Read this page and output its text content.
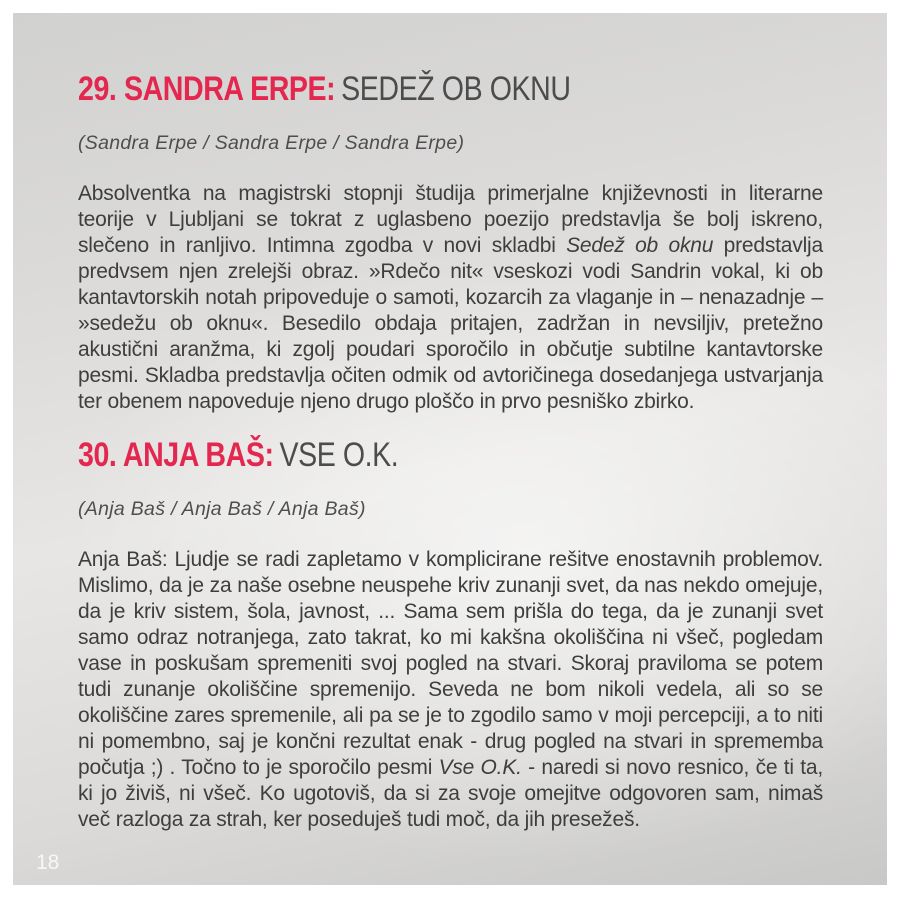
29. SANDRA ERPE: SEDEŽ OB OKNU

(Sandra Erpe / Sandra Erpe / Sandra Erpe)

Absolventka na magistrski stopnji študija primerjalne književnosti in literarne teorije v Ljubljani se tokrat z uglasbeno poezijo predstavlja še bolj iskreno, slečeno in ranljivo. Intimna zgodba v novi skladbi Sedež ob oknu predstavlja predvsem njen zrelejši obraz. »Rdečo nit« vseskozi vodi Sandrin vokal, ki ob kantavtorskih notah pripoveduje o samoti, kozarcih za vlaganje in – nenazadnje – »sedežu ob oknu«. Besedilo obdaja pritajen, zadržan in nevsiljiv, pretežno akustični aranžma, ki zgolj poudari sporočilo in občutje subtilne kantavtorske pesmi. Skladba predstavlja očiten odmik od avtoričinega dosedanjega ustvarjanja ter obenem napoveduje njeno drugo ploščo in prvo pesniško zbirko.

30. ANJA BAŠ: VSE O.K.

(Anja Baš / Anja Baš / Anja Baš)

Anja Baš: Ljudje se radi zapletamo v komplicirane rešitve enostavnih problemov. Mislimo, da je za naše osebne neuspehe kriv zunanji svet, da nas nekdo omejuje, da je kriv sistem, šola, javnost, ... Sama sem prišla do tega, da je zunanji svet samo odraz notranjega, zato takrat, ko mi kakšna okoliščina ni všeč, pogledam vase in poskušam spremeniti svoj pogled na stvari. Skoraj praviloma se potem tudi zunanje okoliščine spremenijo. Seveda ne bom nikoli vedela, ali so se okoliščine zares spremenile, ali pa se je to zgodilo samo v moji percepciji, a to niti ni pomembno, saj je končni rezultat enak - drug pogled na stvari in sprememba počutja ;) . Točno to je sporočilo pesmi Vse O.K. - naredi si novo resnico, če ti ta, ki jo živiš, ni všeč. Ko ugotoviš, da si za svoje omejitve odgovoren sam, nimaš več razloga za strah, ker poseduješ tudi moč, da jih presežeš.

18
